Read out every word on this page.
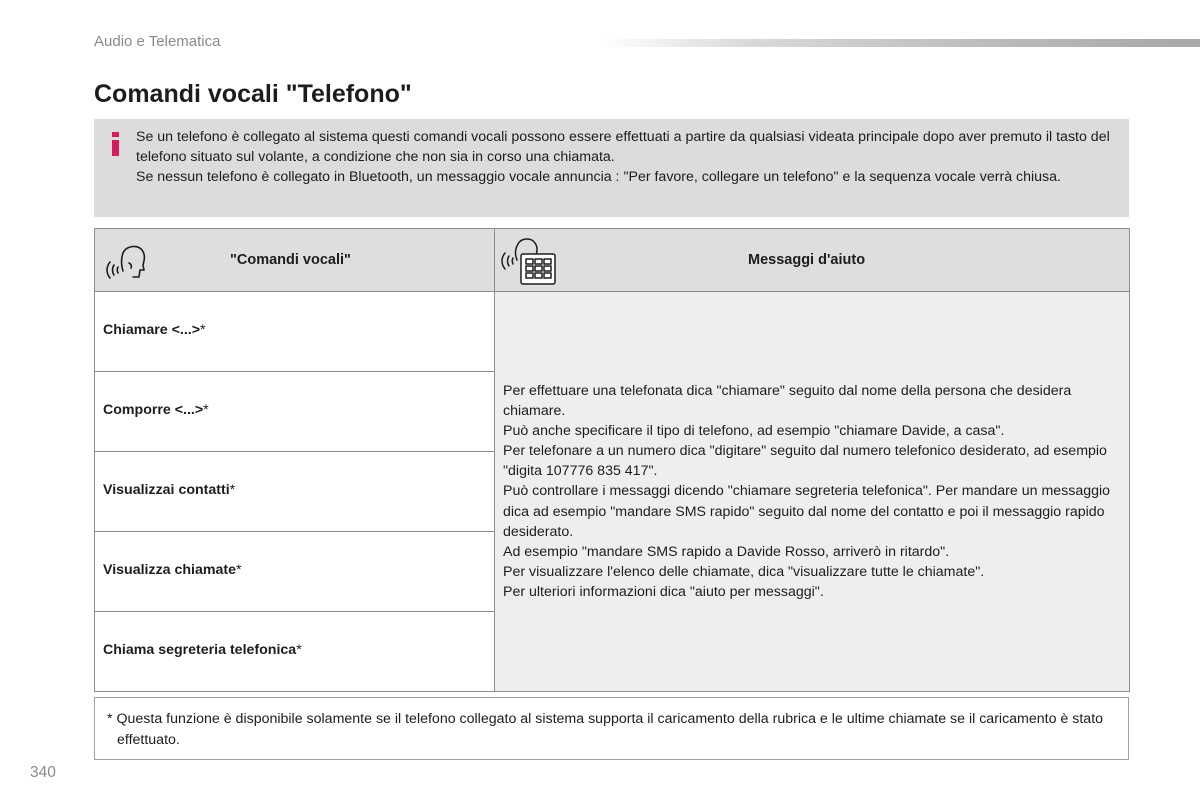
Audio e Telematica
Comandi vocali "Telefono"

Se un telefono è collegato al sistema questi comandi vocali possono essere effettuati a partire da qualsiasi videata principale dopo aver premuto il tasto del telefono situato sul volante, a condizione che non sia in corso una chiamata.

Se nessun telefono è collegato in Bluetooth, un messaggio vocale annuncia : "Per favore, collegare un telefono" e la sequenza vocale verrà chiusa.

"Comandi vocali"	Messaggi d'aiuto
Chiamare <...>*
Comporre <...>*
Visualizzai contatti*
Visualizza chiamate*
Chiama segreteria telefonica*

Per effettuare una telefonata dica "chiamare" seguito dal nome della persona che desidera chiamare.

Può anche specificare il tipo di telefono, ad esempio "chiamare Davide, a casa".

Per telefonare a un numero dica "digitare" seguito dal numero telefonico desiderato, ad esempio "digita 107776 835 417".

Può controllare i messaggi dicendo "chiamare segreteria telefonica". Per mandare un messaggio dica ad esempio "mandare SMS rapido" seguito dal nome del contatto e poi il messaggio rapido desiderato.

Ad esempio "mandare SMS rapido a Davide Rosso, arriverò in ritardo".

Per visualizzare l'elenco delle chiamate, dica "visualizzare tutte le chiamate".

Per ulteriori informazioni dica "aiuto per messaggi".

* Questa funzione è disponibile solamente se il telefono collegato al sistema supporta il caricamento della rubrica e le ultime chiamate se il caricamento è stato effettuato.
340
